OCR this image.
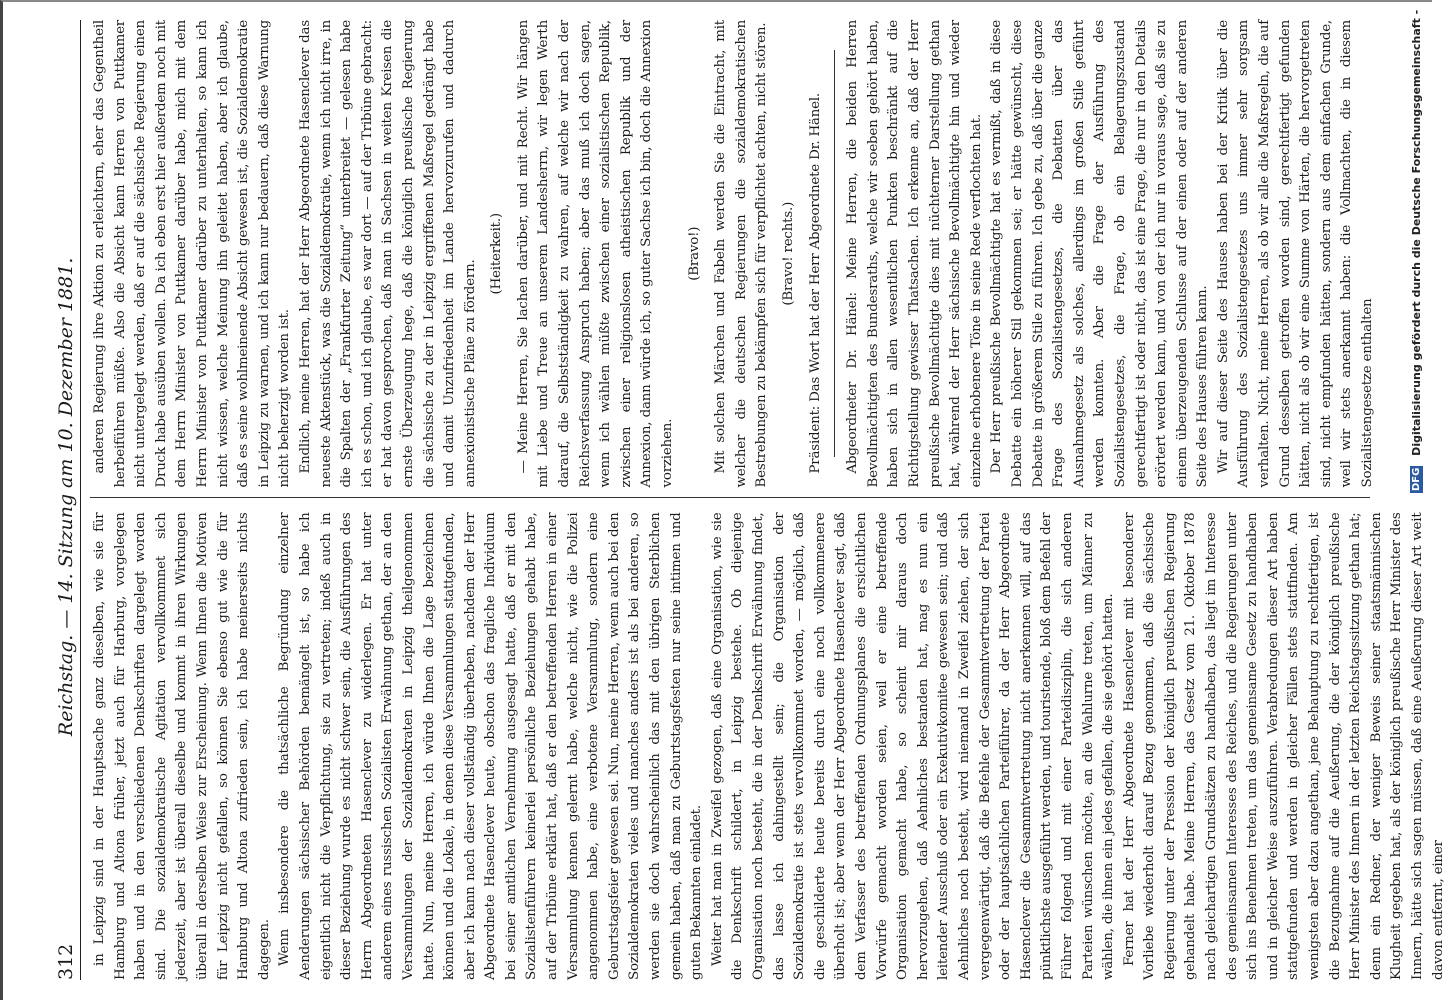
312
Reichstag. — 14. Sitzung am 10. Dezember 1881.

in Leipzig sind in der Hauptsache ganz dieselben, wie sie für Hamburg und Altona früher, jetzt auch für Harburg, vorgelegen haben und in den verschiedenen Denkschriften dargelegt worden sind. Die sozialdemokratische Agitation vervollkommnet sich jederzeit, aber ist überall dieselbe und kommt in ihren Wirkungen überall in derselben Weise zur Erscheinung. Wenn Ihnen die Motiven für Leipzig nicht gefallen, so können Sie ebenso gut wie die für Hamburg und Altona zufrieden sein, ich habe meinerseits nichts dagegen. Wenn insbesondere die thatsächliche Begründung einzelner Aenderungen sächsischer Behörden bemängelt ist, so habe ich eigentlich nicht die Verpflichtung, sie zu vertreten; indeß auch in dieser Beziehung wurde es nicht schwer sein, die Ausführungen des Herrn Abgeordneten Hasenclever zu widerlegen. Er hat unter anderem eines russischen Sozialisten Erwähnung gethan, der an den Versammlungen der Sozialdemokraten in Leipzig theilgenommen hatte. Nun, meine Herren, ich würde Ihnen die Lage bezeichnen können und die Lokale, in denen diese Versammlungen stattgefunden, aber ich kann nach dieser vollständig überheben, nachdem der Herr Abgeordnete Hasenclever heute, obschon das fragliche Individuum bei seiner amtlichen Vernehmung ausgesagt hatte, daß er mit den Sozialistenführern keinerlei persönliche Beziehungen gehabt habe, auf der Tribüne erklärt hat, daß er den betreffenden Herren in einer Versammlung kennen gelernt habe, welche nicht, wie die Polizei angenommen habe, eine verbotene Versammlung, sondern eine Geburtstagsfeier gewesen sei. Nun, meine Herren, wenn auch bei den Sozialdemokraten vieles und manches anders ist als bei anderen, so werden sie doch wahrscheinlich das mit den übrigen Sterblichen gemein haben, daß man zu Geburtstagsfesten nur seine intimen und guten Bekannten einladet. Weiter hat man in Zweifel gezogen, daß eine Organisation, wie sie die Denkschrift schildert, in Leipzig bestehe. Ob diejenige Organisation noch besteht, die in der Denkschrift Erwähnung findet, das lasse ich dahingestellt sein; die Organisation der Sozialdemokratie ist stets vervollkommnet worden, — möglich, daß die geschilderte heute bereits durch eine noch vollkommenere überholt ist; aber wenn der Herr Abgeordnete Hasenclever sagt, daß dem Verfasser des betreffenden Ordnungsplanes die ersichtlichen Vorwürfe gemacht worden seien, weil er eine betreffende Organisation gemacht habe, so scheint mir daraus doch hervorzugehen, daß Aehnliches bestanden hat, mag es nun ein leitender Ausschuß oder ein Exekutivkomitee gewesen sein; und daß Aehnliches noch besteht, wird niemand in Zweifel ziehen, der sich vergegenwärtigt, daß die Befehle der Gesammtvertretung der Partei oder der hauptsächlichen Parteiführer, da der Herr Abgeordnete Hasenclever die Gesammtvertretung nicht anerkennen will, auf das pünktlichste ausgeführt werden, und touristende, bloß dem Befehl der Führer folgend und mit einer Parteidisziplin, die sich anderen Parteien wünschen möchte, an die Wahlurne treten, um Männer zu wählen, die ihnen ein jedes gefallen, die sie gehört hatten. Ferner hat der Herr Abgeordnete Hasenclever mit besonderer Vorliebe wiederholt darauf Bezug genommen, daß die sächsische Regierung unter der Pression der königlich preußischen Regierung gehandelt habe. Meine Herren, das Gesetz vom 21. Oktober 1878 nach gleichartigen Grundsätzen zu handhaben, das liegt im Interesse des gemeinsamen Interesses des Reiches, und die Regierungen unter sich ins Benehmen treten, um das gemeinsame Gesetz zu handhaben und in gleicher Weise auszuführen. Verabredungen dieser Art haben stattgefunden und werden in gleicher Fällen stets stattfinden. Am wenigsten aber dazu angethan, jene Behauptung zu rechtfertigen, ist die Bezugnahme auf die Aeußerung, die der königlich preußische Herr Minister des Innern in der letzten Reichstagssitzung gethan hat; denn ein Redner, der weniger Beweis seiner staatsmännischen Klugheit gegeben hat, als der königlich preußische Herr Minister des Innern, hätte sich sagen müssen, daß eine Aeußerung dieser Art weit davon entfernt, einer

anderen Regierung ihre Aktion zu erleichtern, eher das Gegentheil herbeiführen müßte. Also die Absicht kann Herren von Puttkamer nicht untergelegt werden, daß er auf die sächsische Regierung einen Druck habe ausüben wollen. Da ich eben erst hier außerdem noch mit dem Herrn Minister von Puttkamer darüber habe, mich mit dem Herrn Minister von Puttkamer darüber zu unterhalten, so kann ich nicht wissen, welche Meinung ihn geleitet haben, aber ich glaube, daß es seine wohlmeinende Absicht gewesen ist, die Sozialdemokratie in Leipzig zu warnen, und ich kann nur bedauern, daß diese Warnung nicht beherzigt worden ist. Endlich, meine Herren, hat der Herr Abgeordnete Hasenclever das neueste Aktenstück, was die Sozialdemokratie, wenn ich nicht irre, in die Spalten der „Frankfurter Zeitung“ unterbreitet — gelesen habe ich es schon, und ich glaube, es war dort — auf der Tribüne gebracht: er hat davon gesprochen, daß man in Sachsen in weiten Kreisen die ernste Überzeugung hege, daß die königlich preußische Regierung die sächsische zu der in Leipzig ergriffenen Maßregel gedrängt habe und damit Unzufriedenheit im Lande hervorzurufen und dadurch annexionistische Pläne zu fördern.

(Heiterkeit.) — Meine Herren, Sie lachen darüber, und mit Recht. Wir hängen mit Liebe und Treue an unserem Landesherrn, wir legen Werth darauf, die Selbstständigkeit zu wahren, auf welche wir nach der Reichsverfassung Anspruch haben; aber das muß ich doch sagen, wenn ich wählen müßte zwischen einer sozialistischen Republik, zwischen einer religionslosen atheistischen Republik und der Annexion, dann würde ich, so guter Sachse ich bin, doch die Annexion vorziehen.

(Bravo!) Mit solchen Märchen und Fabeln werden Sie die Eintracht, mit welcher die deutschen Regierungen die sozialdemokratischen Bestrebungen zu bekämpfen sich für verpflichtet achten, nicht stören. (Bravo! rechts.) Präsident: Das Wort hat der Herr Abgeordnete Dr. Hänel. Abgeordneter Dr. Hänel: Meine Herren, die beiden Herren Bevollmächtigten des Bundesraths, welche wir soeben gehört haben, haben sich in allen wesentlichen Punkten beschränkt auf die Richtigstellung gewisser Thatsachen. Ich erkenne an, daß der Herr preußische Bevollmächtigte dies mit nüchterner Darstellung gethan hat, während der Herr sächsische Bevollmächtigte hin und wieder einzelne erhobenere Töne in seine Rede verflochten hat. Der Herr preußische Bevollmächtigte hat es vermißt, daß in diese Debatte ein höherer Stil gekommen sei; er hätte gewünscht, diese Debatte in größerem Stile zu führen. Ich gebe zu, daß über die ganze Frage des Sozialistengesetzes, die Debatten über das Ausnahmegesetz als solches, allerdings im großen Stile geführt werden konnten. Aber die Frage der Ausführung des Sozialistengesetzes, die Frage, ob ein Belagerungszustand gerechtfertigt ist oder nicht, das ist eine Frage, die nur in den Details erörtert werden kann, und von der ich nur in voraus sage, daß sie zu einem überzeugenden Schlusse auf der einen oder auf der anderen Seite des Hauses führen kann. Wir auf dieser Seite des Hauses haben bei der Kritik über die Ausführung des Sozialistengesetzes uns immer sehr sorgsam verhalten. Nicht, meine Herren, als ob wir alle die Maßregeln, die auf Grund desselben getroffen worden sind, gerechtfertigt gefunden hätten, nicht als ob wir eine Summe von Härten, die hervorgetreten sind, nicht empfunden hätten, sondern aus dem einfachen Grunde, weil wir stets anerkannt haben: die Vollmachten, die in diesem Sozialistengesetze enthalten	DFG Digitalisierung gefördert durch die Deutsche Forschungsgemeinschaft -
